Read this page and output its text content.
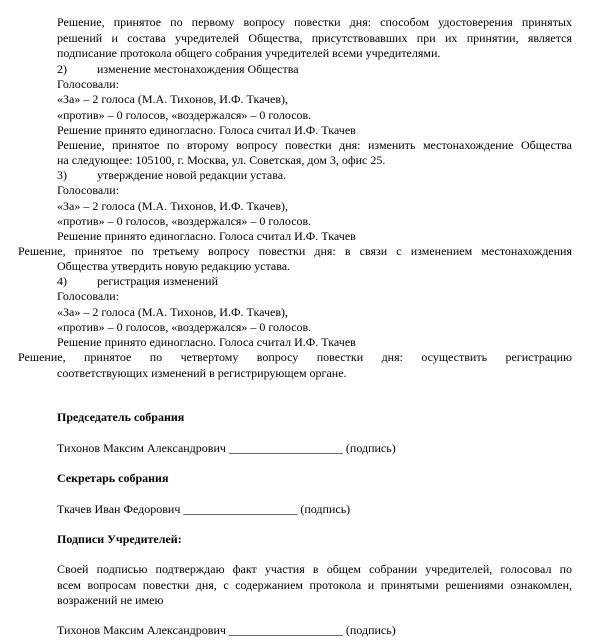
Решение, принятое по первому вопросу повестки дня: способом удостоверения принятых
решений и состава учредителей Общества, присутствовавших при их принятии, является
подписание протокола общего собрания учредителей всеми учредителями.
2)	изменение местонахождения Общества
Голосовали:
«За» – 2 голоса (М.А. Тихонов, И.Ф. Ткачев),
«против» – 0 голосов, «воздержался» – 0 голосов.
Решение принято единогласно. Голоса считал И.Ф. Ткачев
Решение, принятое по второму вопросу повестки дня: изменить местонахождение Общества
на следующее: 105100, г. Москва, ул. Советская, дом 3, офис 25.
3)	утверждение новой редакции устава.
Голосовали:
«За» – 2 голоса (М.А. Тихонов, И.Ф. Ткачев),
«против» – 0 голосов, «воздержался» – 0 голосов.
Решение принято единогласно. Голоса считал И.Ф. Ткачев
Решение, принятое по третьему вопросу повестки дня: в связи с изменением местонахождения
Общества утвердить новую редакцию устава.
4)	регистрация изменений
Голосовали:
«За» – 2 голоса (М.А. Тихонов, И.Ф. Ткачев),
«против» – 0 голосов, «воздержался» – 0 голосов.
Решение принято единогласно. Голоса считал И.Ф. Ткачев
Решение, принятое по четвертому вопросу повестки дня: осуществить регистрацию
соответствующих изменений в регистрирующем органе.
Председатель собрания
Тихонов Максим Александрович ___________________ (подпись)
Секретарь собрания
Ткачев Иван Федорович ___________________ (подпись)
Подписи Учредителей:
Своей подписью подтверждаю факт участия в общем собрании учредителей, голосовал по
всем вопросам повестки дня, с содержанием протокола и принятыми решениями ознакомлен,
возражений не имею
Тихонов Максим Александрович ___________________ (подпись)
